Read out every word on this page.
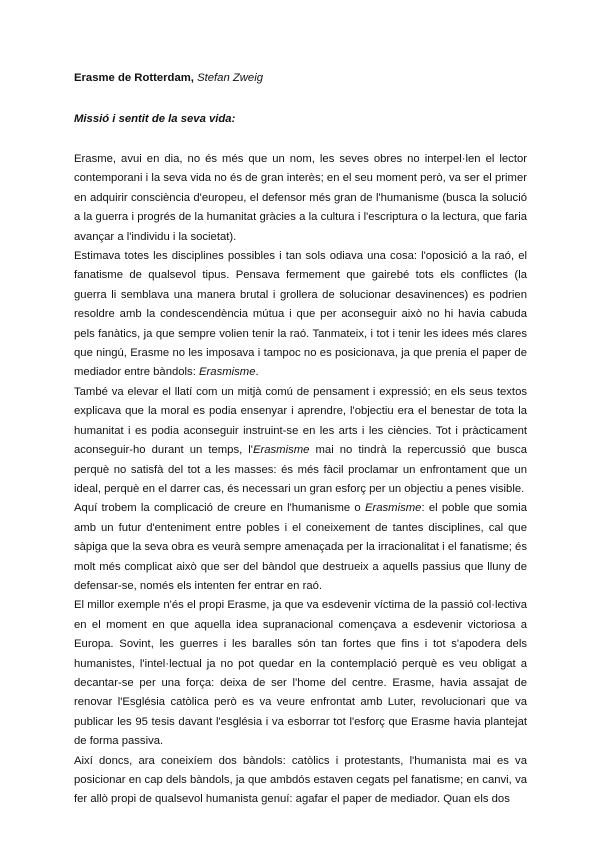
Erasme de Rotterdam, Stefan Zweig

Missió i sentit de la seva vida:

Erasme, avui en dia, no és més que un nom, les seves obres no interpel·len el lector contemporani i la seva vida no és de gran interès; en el seu moment però, va ser el primer en adquirir consciència d'europeu, el defensor més gran de l'humanisme (busca la solució a la guerra i progrés de la humanitat gràcies a la cultura i l'escriptura o la lectura, que faria avançar a l'individu i la societat).

Estimava totes les disciplines possibles i tan sols odiava una cosa: l'oposició a la raó, el fanatisme de qualsevol tipus. Pensava fermement que gairebé tots els conflictes (la guerra li semblava una manera brutal i grollera de solucionar desavinences) es podrien resoldre amb la condescendència mútua i que per aconseguir això no hi havia cabuda pels fanàtics, ja que sempre volien tenir la raó. Tanmateix, i tot i tenir les idees més clares que ningú, Erasme no les imposava i tampoc no es posicionava, ja que prenia el paper de mediador entre bàndols: Erasmisme.

També va elevar el llatí com un mitjà comú de pensament i expressió; en els seus textos explicava que la moral es podia ensenyar i aprendre, l'objectiu era el benestar de tota la humanitat i es podia aconseguir instruint-se en les arts i les ciències. Tot i pràcticament aconseguir-ho durant un temps, l'Erasmisme mai no tindrà la repercussió que busca perquè no satisfà del tot a les masses: és més fàcil proclamar un enfrontament que un ideal, perquè en el darrer cas, és necessari un gran esforç per un objectiu a penes visible.

Aquí trobem la complicació de creure en l'humanisme o Erasmisme: el poble que somia amb un futur d'enteniment entre pobles i el coneixement de tantes disciplines, cal que sàpiga que la seva obra es veurà sempre amenaçada per la irracionalitat i el fanatisme; és molt més complicat això que ser del bàndol que destrueix a aquells passius que lluny de defensar-se, només els intenten fer entrar en raó.

El millor exemple n'és el propi Erasme, ja que va esdevenir víctima de la passió col·lectiva en el moment en que aquella idea supranacional començava a esdevenir victoriosa a Europa. Sovint, les guerres i les baralles són tan fortes que fins i tot s'apodera dels humanistes, l'intel·lectual ja no pot quedar en la contemplació perquè es veu obligat a decantar-se per una força: deixa de ser l'home del centre. Erasme, havia assajat de renovar l'Església catòlica però es va veure enfrontat amb Luter, revolucionari que va publicar les 95 tesis davant l'església i va esborrar tot l'esforç que Erasme havia plantejat de forma passiva.

Així doncs, ara coneixíem dos bàndols: catòlics i protestants, l'humanista mai es va posicionar en cap dels bàndols, ja que ambdós estaven cegats pel fanatisme; en canvi, va fer allò propi de qualsevol humanista genuí: agafar el paper de mediador. Quan els dos
